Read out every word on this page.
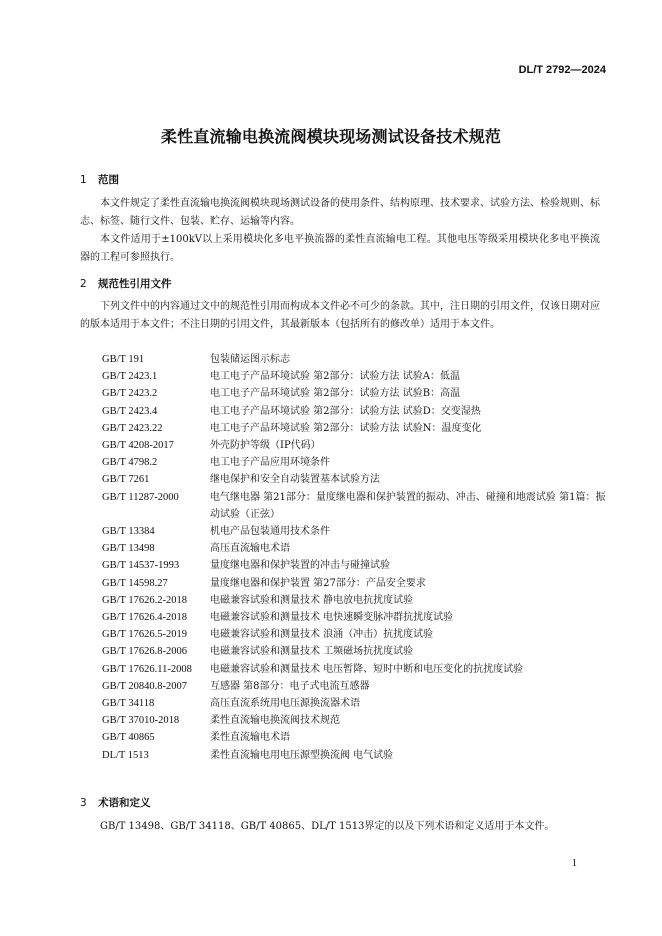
DL/T 2792—2024
柔性直流输电换流阀模块现场测试设备技术规范
1 范围

本文件规定了柔性直流输电换流阀模块现场测试设备的使用条件、结构原理、技术要求、试验方法、检验规则、标志、标签、随行文件、包装、贮存、运输等内容。

本文件适用于±100kV以上采用模块化多电平换流器的柔性直流输电工程。其他电压等级采用模块化多电平换流器的工程可参照执行。

2 规范性引用文件

下列文件中的内容通过文中的规范性引用而构成本文件必不可少的条款。其中，注日期的引用文件，仅该日期对应的版本适用于本文件；不注日期的引用文件，其最新版本（包括所有的修改单）适用于本文件。

GB/T 191	包装储运图示标志
GB/T 2423.1	电工电子产品环境试验 第2部分：试验方法 试验A：低温
GB/T 2423.2	电工电子产品环境试验 第2部分：试验方法 试验B：高温
GB/T 2423.4	电工电子产品环境试验 第2部分：试验方法 试验D：交变湿热
GB/T 2423.22	电工电子产品环境试验 第2部分：试验方法 试验N：温度变化
GB/T 4208-2017	外壳防护等级（IP代码）
GB/T 4798.2	电工电子产品应用环境条件
GB/T 7261	继电保护和安全自动装置基本试验方法
GB/T 11287-2000	电气继电器 第21部分：量度继电器和保护装置的振动、冲击、碰撞和地震试验 第1篇：振动试验（正弦）
GB/T 13384	机电产品包装通用技术条件
GB/T 13498	高压直流输电术语
GB/T 14537-1993	量度继电器和保护装置的冲击与碰撞试验
GB/T 14598.27	量度继电器和保护装置 第27部分：产品安全要求
GB/T 17626.2-2018	电磁兼容试验和测量技术 静电放电抗扰度试验
GB/T 17626.4-2018	电磁兼容试验和测量技术 电快速瞬变脉冲群抗扰度试验
GB/T 17626.5-2019	电磁兼容试验和测量技术 浪涌（冲击）抗扰度试验
GB/T 17626.8-2006	电磁兼容试验和测量技术 工频磁场抗扰度试验
GB/T 17626.11-2008	电磁兼容试验和测量技术 电压暂降、短时中断和电压变化的抗扰度试验
GB/T 20840.8-2007	互感器 第8部分：电子式电流互感器
GB/T 34118	高压直流系统用电压源换流器术语
GB/T 37010-2018	柔性直流输电换流阀技术规范
GB/T 40865	柔性直流输电术语
DL/T 1513	柔性直流输电用电压源型换流阀 电气试验
3 术语和定义

GB/T 13498、GB/T 34118、GB/T 40865、DL/T 1513界定的以及下列术语和定义适用于本文件。

1
